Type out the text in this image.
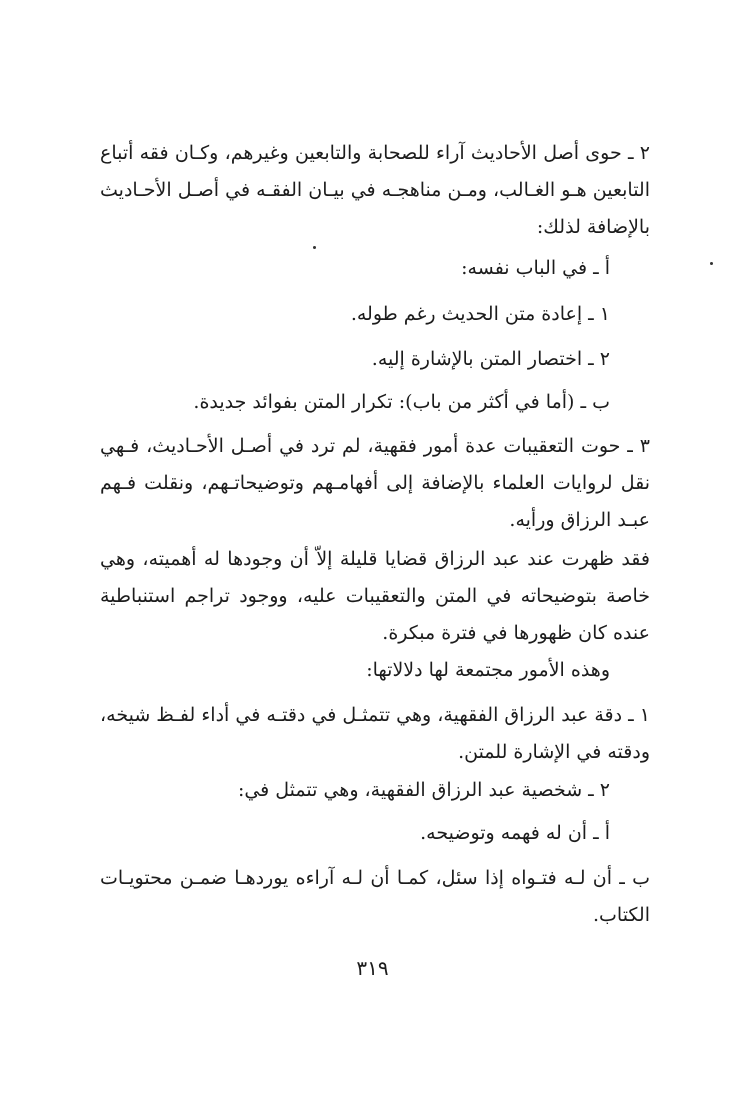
٢ ـ حوى أصل الأحاديث آراء للصحابة والتابعين وغيرهم، وكـان فقه أتباع التابعين هـو الغـالب، ومـن مناهجـه في بيـان الفقـه في أصـل الأحـاديث بالإضافة لذلك:
أ ـ في الباب نفسه:
١ ـ إعادة متن الحديث رغم طوله.
٢ ـ اختصار المتن بالإشارة إليه.
ب ـ (أما في أكثر من باب): تكرار المتن بفوائد جديدة.
٣ ـ حوت التعقيبات عدة أمور فقهية، لم ترد في أصـل الأحـاديث، فـهي نقل لروايات العلماء بالإضافة إلى أفهامـهم وتوضيحاتـهم، ونقلت فـهم عبـد الرزاق ورأيه.
فقد ظهرت عند عبد الرزاق قضايا قليلة إلاّ أن وجودها له أهميته، وهي خاصة بتوضيحاته في المتن والتعقيبات عليه، ووجود تراجم استنباطية عنده كان ظهورها في فترة مبكرة.
وهذه الأمور مجتمعة لها دلالاتها:
١ ـ دقة عبد الرزاق الفقهية، وهي تتمثـل في دقتـه في أداء لفـظ شيخه، ودقته في الإشارة للمتن.
٢ ـ شخصية عبد الرزاق الفقهية، وهي تتمثل في:
أ ـ أن له فهمه وتوضيحه.
ب ـ أن لـه فتـواه إذا سئل، كمـا أن لـه آراءه يوردهـا ضمـن محتويـات الكتاب.
٣١٩
